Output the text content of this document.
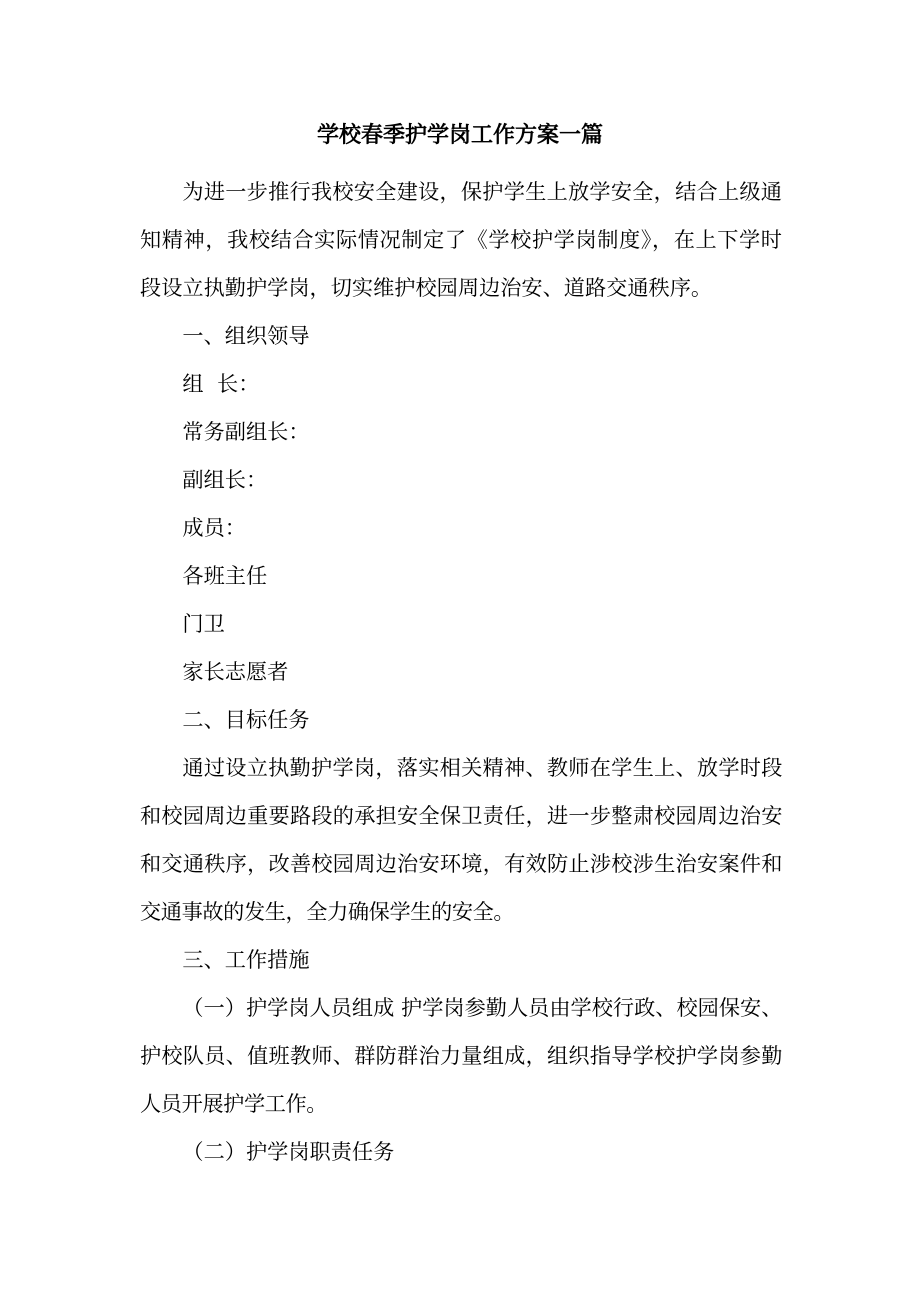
学校春季护学岗工作方案一篇

为进一步推行我校安全建设，保护学生上放学安全，结合上级通知精神，我校结合实际情况制定了《学校护学岗制度》，在上下学时段设立执勤护学岗，切实维护校园周边治安、道路交通秩序。

一、组织领导

组  长：

常务副组长：

副组长：

成员：

各班主任

门卫

家长志愿者

二、目标任务

通过设立执勤护学岗，落实相关精神、教师在学生上、放学时段和校园周边重要路段的承担安全保卫责任，进一步整肃校园周边治安和交通秩序，改善校园周边治安环境，有效防止涉校涉生治安案件和交通事故的发生，全力确保学生的安全。

三、工作措施

（一）护学岗人员组成 护学岗参勤人员由学校行政、校园保安、护校队员、值班教师、群防群治力量组成，组织指导学校护学岗参勤人员开展护学工作。

（二）护学岗职责任务
